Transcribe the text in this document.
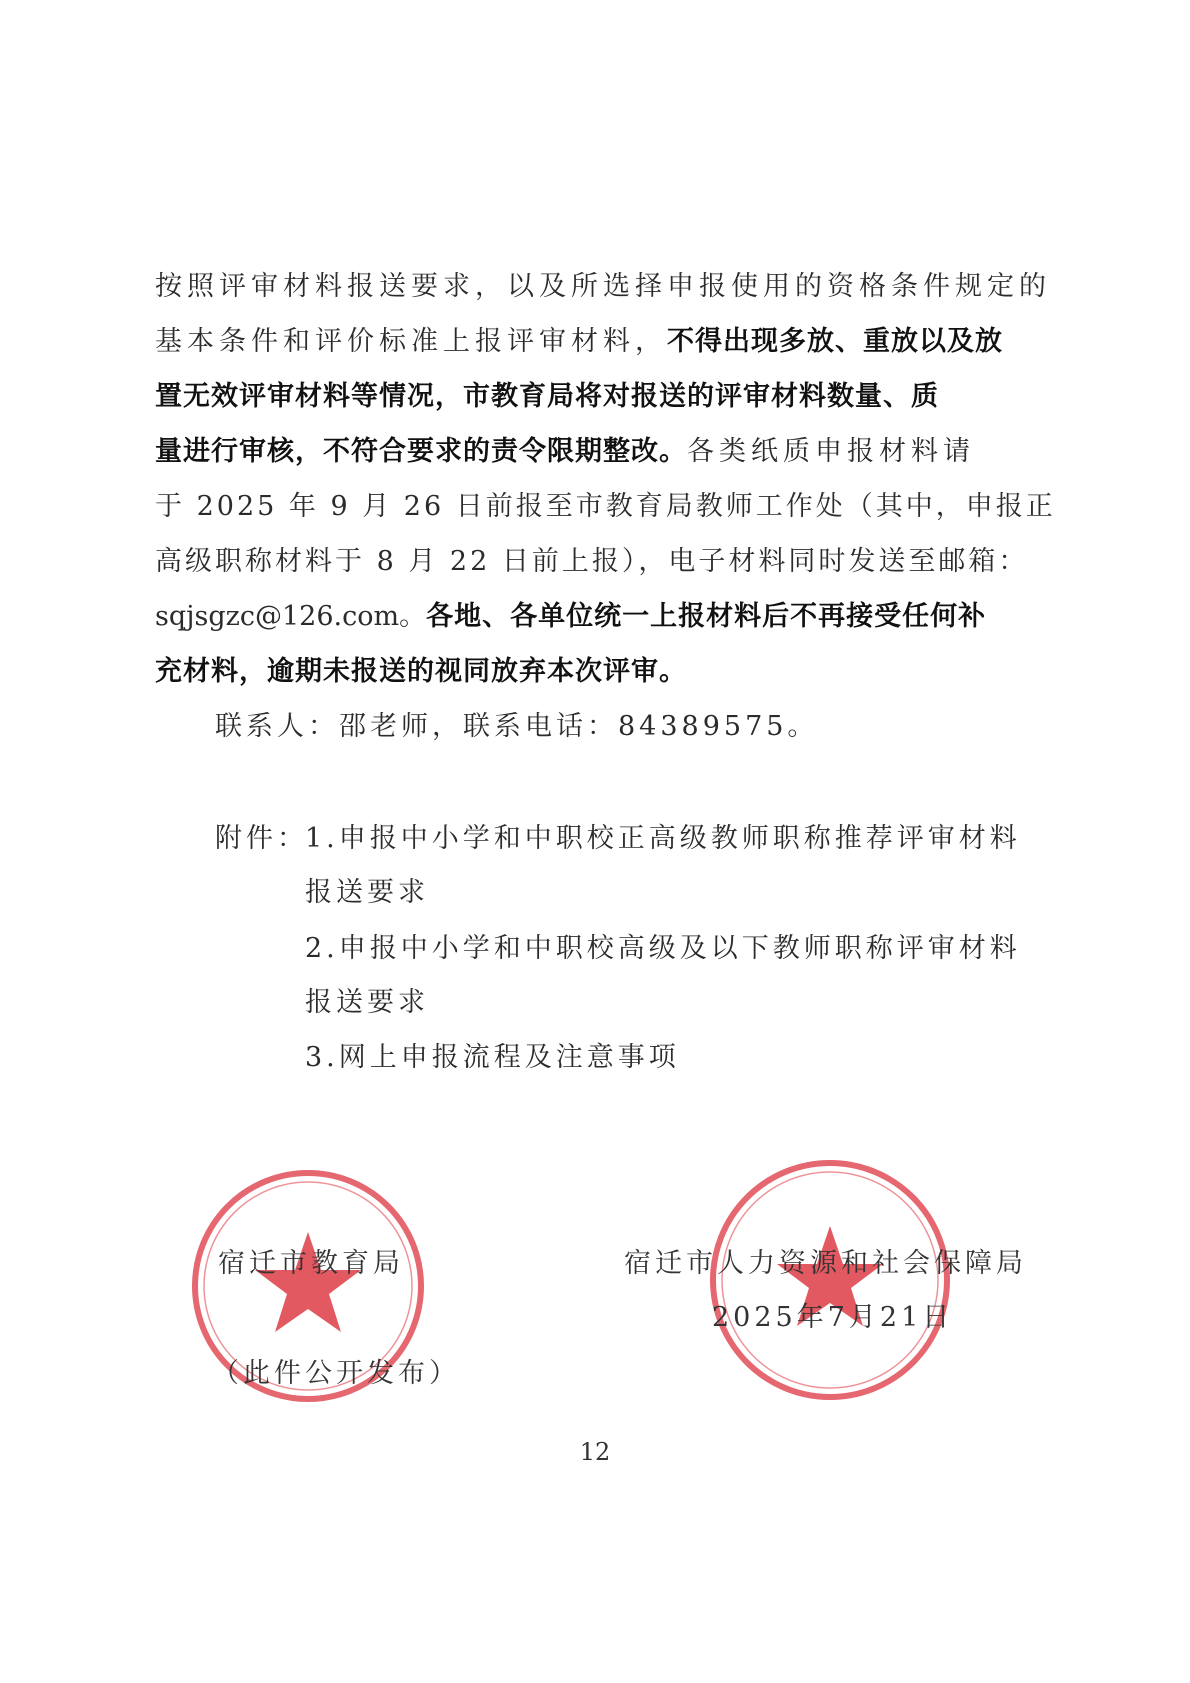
按照评审材料报送要求，以及所选择申报使用的资格条件规定的
基本条件和评价标准上报评审材料，不得出现多放、重放以及放
置无效评审材料等情况，市教育局将对报送的评审材料数量、质
量进行审核，不符合要求的责令限期整改。各类纸质申报材料请
于 2025 年 9 月 26 日前报至市教育局教师工作处（其中，申报正
高级职称材料于 8 月 22 日前上报），电子材料同时发送至邮箱：
sqjsgzc@126.com。各地、各单位统一上报材料后不再接受任何补
充材料，逾期未报送的视同放弃本次评审。
联系人：邵老师，联系电话：84389575。
附件：
1.申报中小学和中职校正高级教师职称推荐评审材料
报送要求
2.申报中小学和中职校高级及以下教师职称评审材料
报送要求
3.网上申报流程及注意事项
宿迁市教育局	宿迁市人力资源和社会保障局
2025年7月21日
（此件公开发布）
12
